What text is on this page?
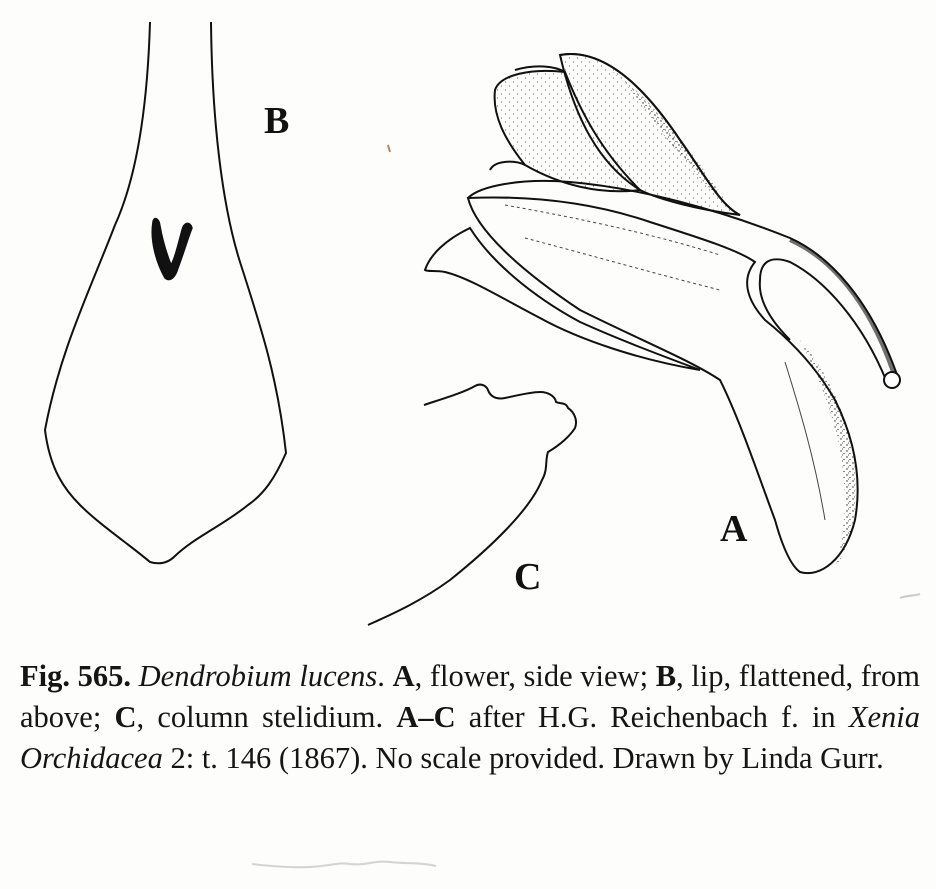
B
A
C
Fig. 565. Dendrobium lucens. A, flower, side view; B, lip, flattened, from above; C, column stelidium. A–C after H.G. Reichenbach f. in Xenia Orchidacea 2: t. 146 (1867). No scale provided. Drawn by Linda Gurr.
